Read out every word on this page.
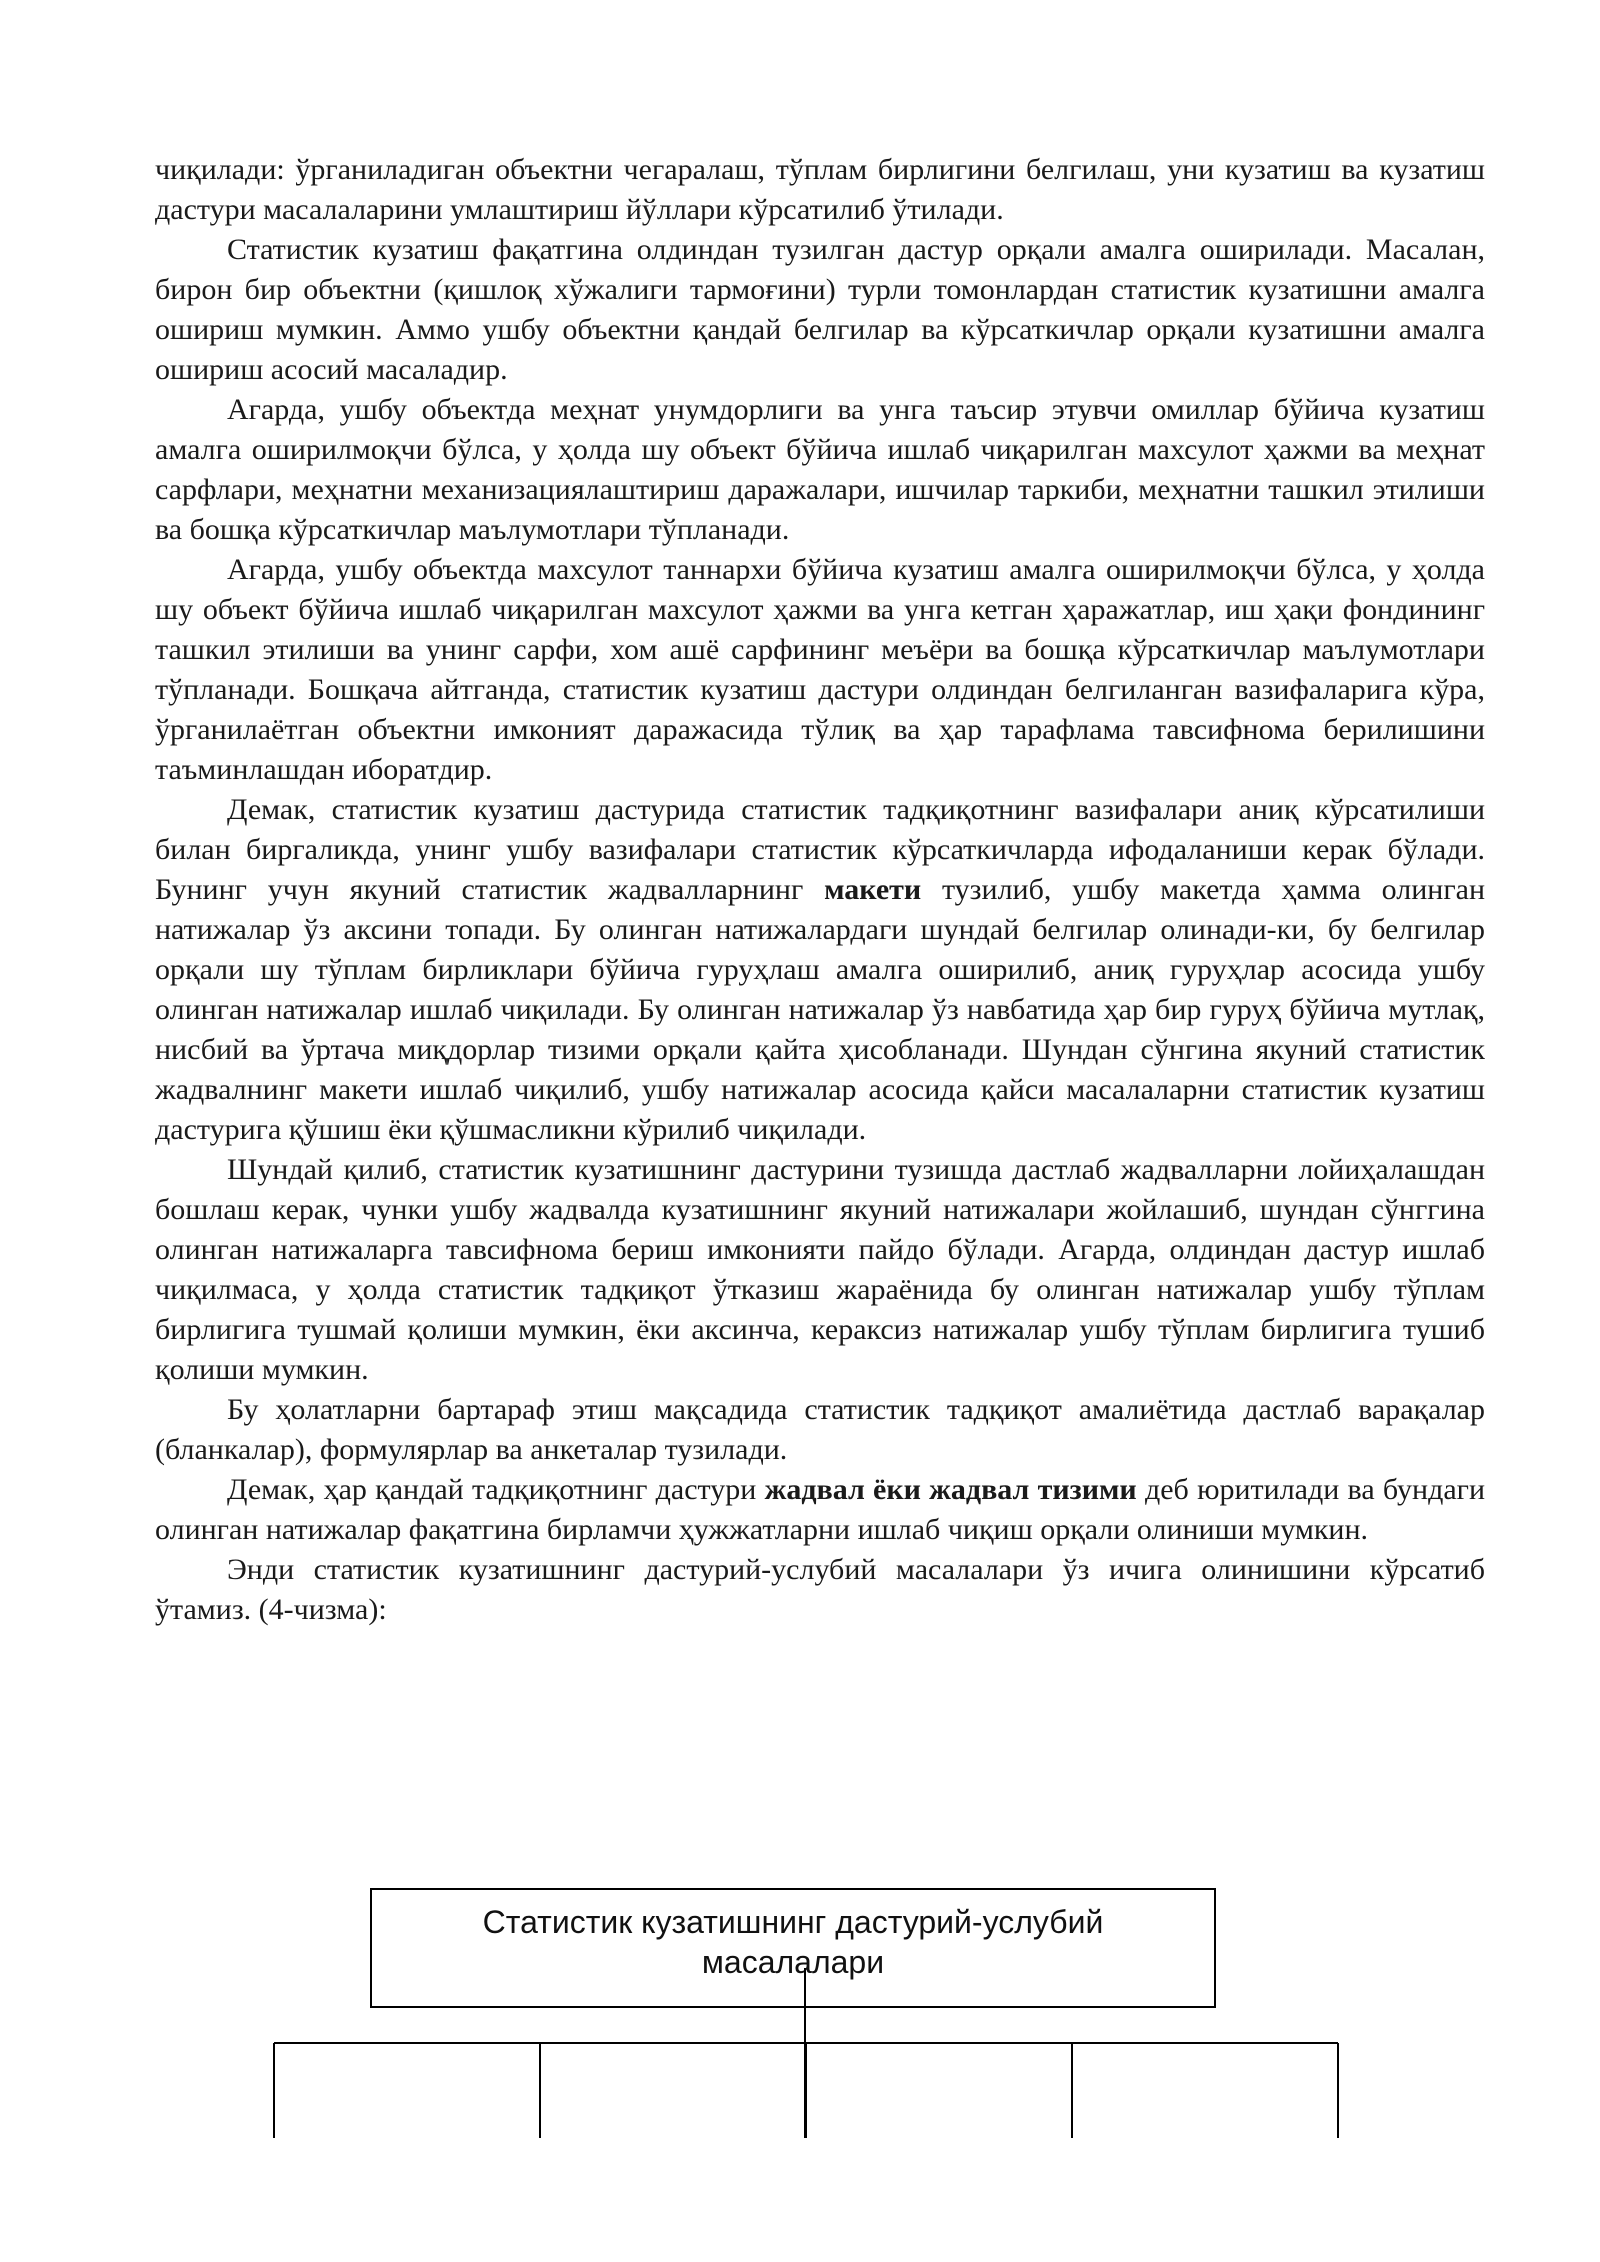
чиқилади: ўрганиладиган объектни чегаралаш, тўплам бирлигини белгилаш, уни кузатиш ва кузатиш дастури масалаларини умлаштириш йўллари кўрсатилиб ўтилади.

Статистик кузатиш фақатгина олдиндан тузилган дастур орқали амалга оширилади. Масалан, бирон бир объектни (қишлоқ хўжалиги тармоғини) турли томонлардан статистик кузатишни амалга ошириш мумкин. Аммо ушбу объектни қандай белгилар ва кўрсаткичлар орқали кузатишни амалга ошириш асосий масаладир.

Агарда, ушбу объектда меҳнат унумдорлиги ва унга таъсир этувчи омиллар бўйича кузатиш амалга оширилмоқчи бўлса, у ҳолда шу объект бўйича ишлаб чиқарилган махсулот ҳажми ва меҳнат сарфлари, меҳнатни механизациялаштириш даражалари, ишчилар таркиби, меҳнатни ташкил этилиши ва бошқа кўрсаткичлар маълумотлари тўпланади.

Агарда, ушбу объектда махсулот таннархи бўйича кузатиш амалга оширилмоқчи бўлса, у ҳолда шу объект бўйича ишлаб чиқарилган махсулот ҳажми ва унга кетган ҳаражатлар, иш ҳақи фондининг ташкил этилиши ва унинг сарфи, хом ашё сарфининг меъёри ва бошқа кўрсаткичлар маълумотлари тўпланади. Бошқача айтганда, статистик кузатиш дастури олдиндан белгиланган вазифаларига кўра, ўрганилаётган объектни имконият даражасида тўлиқ ва ҳар тарафлама тавсифнома берилишини таъминлашдан иборатдир.

Демак, статистик кузатиш дастурида статистик тадқиқотнинг вазифалари аниқ кўрсатилиши билан биргаликда, унинг ушбу вазифалари статистик кўрсаткичларда ифодаланиши керак бўлади. Бунинг учун якуний статистик жадвалларнинг макети тузилиб, ушбу макетда ҳамма олинган натижалар ўз аксини топади. Бу олинган натижалардаги шундай белгилар олинади-ки, бу белгилар орқали шу тўплам бирликлари бўйича гуруҳлаш амалга оширилиб, аниқ гуруҳлар асосида ушбу олинган натижалар ишлаб чиқилади. Бу олинган натижалар ўз навбатида ҳар бир гуруҳ бўйича мутлақ, нисбий ва ўртача миқдорлар тизими орқали қайта ҳисобланади. Шундан сўнгина якуний статистик жадвалнинг макети ишлаб чиқилиб, ушбу натижалар асосида қайси масалаларни статистик кузатиш дастурига қўшиш ёки қўшмасликни кўрилиб чиқилади.

Шундай қилиб, статистик кузатишнинг дастурини тузишда дастлаб жадвалларни лойиҳалашдан бошлаш керак, чунки ушбу жадвалда кузатишнинг якуний натижалари жойлашиб, шундан сўнггина олинган натижаларга тавсифнома бериш имконияти пайдо бўлади. Агарда, олдиндан дастур ишлаб чиқилмаса, у ҳолда статистик тадқиқот ўтказиш жараёнида бу олинган натижалар ушбу тўплам бирлигига тушмай қолиши мумкин, ёки аксинча, кераксиз натижалар ушбу тўплам бирлигига тушиб қолиши мумкин.

Бу ҳолатларни бартараф этиш мақсадида статистик тадқиқот амалиётида дастлаб варақалар (бланкалар), формулярлар ва анкеталар тузилади.

Демак, ҳар қандай тадқиқотнинг дастури жадвал ёки жадвал тизими деб юритилади ва бундаги олинган натижалар фақатгина бирламчи ҳужжатларни ишлаб чиқиш орқали олиниши мумкин.

Энди статистик кузатишнинг дастурий-услубий масалалари ўз ичига олинишини кўрсатиб ўтамиз. (4-чизма):

Статистик кузатишнинг дастурий-услубий
масалалари
